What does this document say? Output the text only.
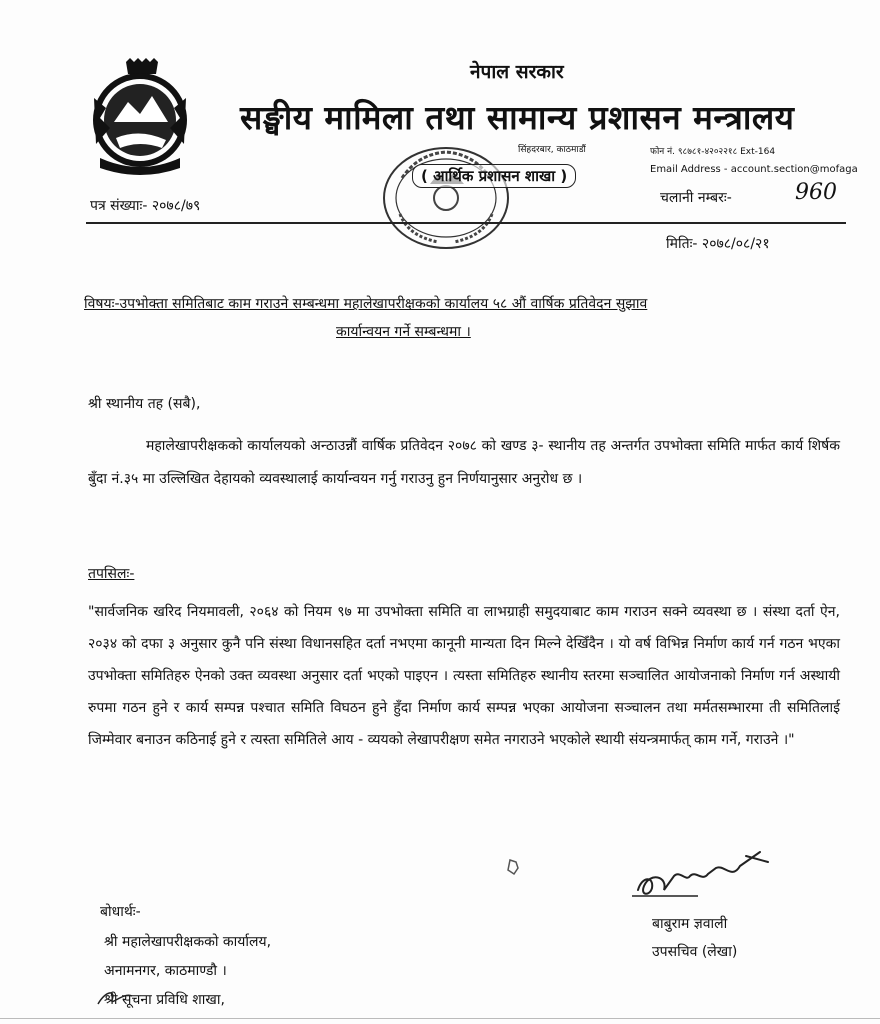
नेपाल सरकार
सङ्घीय मामिला तथा सामान्य प्रशासन मन्त्रालय
सिंहदरबार, काठमाडौं	फोन नं. ९८७८१-४२०२२१८ Ext-164
( आर्थिक प्रशासन शाखा )	Email Address - account.section@mofaga
पत्र संख्याः- २०७८/७९	चलानी नम्बरः-	960
मितिः- २०७८/०८/२१
विषयः-उपभोक्ता समितिबाट काम गराउने सम्बन्धमा महालेखापरीक्षकको कार्यालय ५८ औं वार्षिक प्रतिवेदन सुझाव
कार्यान्वयन गर्ने सम्बन्धमा ।
श्री स्थानीय तह (सबै),
महालेखापरीक्षकको कार्यालयको अन्ठाउन्नौं वार्षिक प्रतिवेदन २०७८ को खण्ड ३- स्थानीय तह अन्तर्गत उपभोक्ता समिति मार्फत कार्य शिर्षक बुँदा नं.३५ मा उल्लिखित देहायको व्यवस्थालाई कार्यान्वयन गर्नु गराउनु हुन निर्णयानुसार अनुरोध छ ।
तपसिलः-
"सार्वजनिक खरिद नियमावली, २०६४ को नियम ९७ मा उपभोक्ता समिति वा लाभग्राही समुदयाबाट काम गराउन सक्ने व्यवस्था छ । संस्था दर्ता ऐन, २०३४ को दफा ३ अनुसार कुनै पनि संस्था विधानसहित दर्ता नभएमा कानूनी मान्यता दिन मिल्ने देखिँदैन । यो वर्ष विभिन्न निर्माण कार्य गर्न गठन भएका उपभोक्ता समितिहरु ऐनको उक्त व्यवस्था अनुसार दर्ता भएको पाइएन । त्यस्ता समितिहरु स्थानीय स्तरमा सञ्चालित आयोजनाको निर्माण गर्न अस्थायी रुपमा गठन हुने र कार्य सम्पन्न पश्चात समिति विघठन हुने हुँदा निर्माण कार्य सम्पन्न भएका आयोजना सञ्चालन तथा मर्मतसम्भारमा ती समितिलाई जिम्मेवार बनाउन कठिनाई हुने र त्यस्ता समितिले आय - व्ययको लेखापरीक्षण समेत नगराउने भएकोले स्थायी संयन्त्रमार्फत् काम गर्ने, गराउने ।"
बाबुराम ज्ञवाली
उपसचिव (लेखा)
बोधार्थः-
श्री महालेखापरीक्षकको कार्यालय,
अनामनगर, काठमाण्डौ ।
श्री सूचना प्रविधि शाखा,
